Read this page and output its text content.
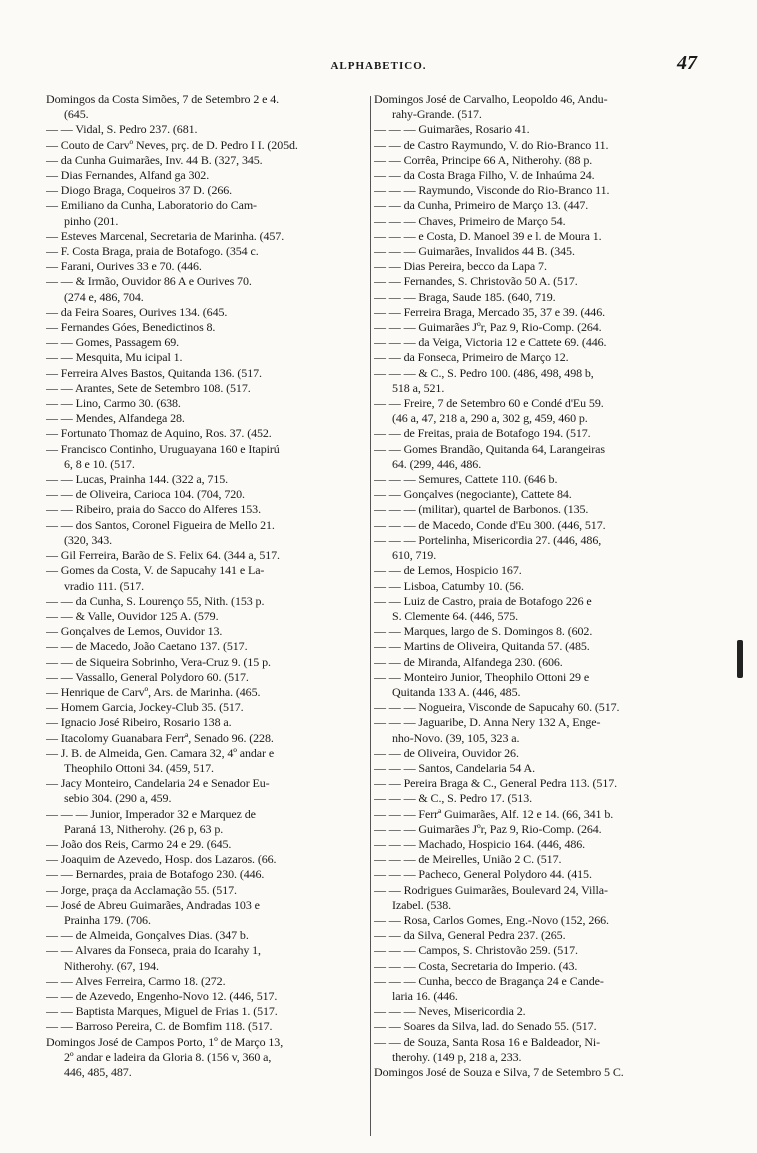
ALPHABETICO.	47
Domingos da Costa Simões, 7 de Setembro 2 e 4.
(645.
— — Vidal, S. Pedro 237. (681.
— Couto de Carvº Neves, prç. de D. Pedro I I. (205d.
— da Cunha Guimarães, Inv. 44 B. (327, 345.
— Dias Fernandes, Alfand ga 302.
— Diogo Braga, Coqueiros 37 D. (266.
— Emiliano da Cunha, Laboratorio do Cam-
pinho (201.
— Esteves Marcenal, Secretaria de Marinha. (457.
— F. Costa Braga, praia de Botafogo. (354 c.
— Farani, Ourives 33 e 70. (446.
— — & Irmão, Ouvidor 86 A e Ourives 70.
(274 e, 486, 704.
— da Feira Soares, Ourives 134. (645.
— Fernandes Góes, Benedictinos 8.
— — Gomes, Passagem 69.
— — Mesquita, Mu icipal 1.
— Ferreira Alves Bastos, Quitanda 136. (517.
— — Arantes, Sete de Setembro 108. (517.
— — Lino, Carmo 30. (638.
— — Mendes, Alfandega 28.
— Fortunato Thomaz de Aquino, Ros. 37. (452.
— Francisco Continho, Uruguayana 160 e Itapirú
6, 8 e 10. (517.
— — Lucas, Prainha 144. (322 a, 715.
— — de Oliveira, Carioca 104. (704, 720.
— — Ribeiro, praia do Sacco do Alferes 153.
— — dos Santos, Coronel Figueira de Mello 21.
(320, 343.
— Gil Ferreira, Barão de S. Felix 64. (344 a, 517.
— Gomes da Costa, V. de Sapucahy 141 e La-
vradio 111. (517.
— — da Cunha, S. Lourenço 55, Nith. (153 p.
— — & Valle, Ouvidor 125 A. (579.
— Gonçalves de Lemos, Ouvidor 13.
— — de Macedo, João Caetano 137. (517.
— — de Siqueira Sobrinho, Vera-Cruz 9. (15 p.
— — Vassallo, General Polydoro 60. (517.
— Henrique de Carvº, Ars. de Marinha. (465.
— Homem Garcia, Jockey-Club 35. (517.
— Ignacio José Ribeiro, Rosario 138 a.
— Itacolomy Guanabara Ferrª, Senado 96. (228.
— J. B. de Almeida, Gen. Camara 32, 4º andar e
Theophilo Ottoni 34. (459, 517.
— Jacy Monteiro, Candelaria 24 e Senador Eu-
sebio 304. (290 a, 459.
— — — Junior, Imperador 32 e Marquez de
Paraná 13, Nitherohy. (26 p, 63 p.
— João dos Reis, Carmo 24 e 29. (645.
— Joaquim de Azevedo, Hosp. dos Lazaros. (66.
— — Bernardes, praia de Botafogo 230. (446.
— Jorge, praça da Acclamação 55. (517.
— José de Abreu Guimarães, Andradas 103 e
Prainha 179. (706.
— — de Almeida, Gonçalves Dias. (347 b.
— — Alvares da Fonseca, praia do Icarahy 1,
Nitherohy. (67, 194.
— — Alves Ferreira, Carmo 18. (272.
— — de Azevedo, Engenho-Novo 12. (446, 517.
— — Baptista Marques, Miguel de Frias 1. (517.
— — Barroso Pereira, C. de Bomfim 118. (517.
Domingos José de Campos Porto, 1º de Março 13,
2º andar e ladeira da Gloria 8. (156 v, 360 a,
446, 485, 487.
Domingos José de Carvalho, Leopoldo 46, Andu-
rahy-Grande. (517.
— — — Guimarães, Rosario 41.
— — de Castro Raymundo, V. do Rio-Branco 11.
— — Corrêa, Principe 66 A, Nitherohy. (88 p.
— — da Costa Braga Filho, V. de Inhaúma 24.
— — — Raymundo, Visconde do Rio-Branco 11.
— — da Cunha, Primeiro de Março 13. (447.
— — — Chaves, Primeiro de Março 54.
— — — e Costa, D. Manoel 39 e l. de Moura 1.
— — — Guimarães, Invalidos 44 B. (345.
— — Dias Pereira, becco da Lapa 7.
— — Fernandes, S. Christovão 50 A. (517.
— — — Braga, Saude 185. (640, 719.
— — Ferreira Braga, Mercado 35, 37 e 39. (446.
— — — Guimarães Jºr, Paz 9, Rio-Comp. (264.
— — — da Veiga, Victoria 12 e Cattete 69. (446.
— — da Fonseca, Primeiro de Março 12.
— — — & C., S. Pedro 100. (486, 498, 498 b,
518 a, 521.
— — Freire, 7 de Setembro 60 e Condé d'Eu 59.
(46 a, 47, 218 a, 290 a, 302 g, 459, 460 p.
— — de Freitas, praia de Botafogo 194. (517.
— — Gomes Brandão, Quitanda 64, Larangeiras
64. (299, 446, 486.
— — — Semures, Cattete 110. (646 b.
— — Gonçalves (negociante), Cattete 84.
— — — (militar), quartel de Barbonos. (135.
— — — de Macedo, Conde d'Eu 300. (446, 517.
— — — Portelinha, Misericordia 27. (446, 486,
610, 719.
— — de Lemos, Hospicio 167.
— — Lisboa, Catumby 10. (56.
— — Luiz de Castro, praia de Botafogo 226 e
S. Clemente 64. (446, 575.
— — Marques, largo de S. Domingos 8. (602.
— — Martins de Oliveira, Quitanda 57. (485.
— — de Miranda, Alfandega 230. (606.
— — Monteiro Junior, Theophilo Ottoni 29 e
Quitanda 133 A. (446, 485.
— — — Nogueira, Visconde de Sapucahy 60. (517.
— — — Jaguaribe, D. Anna Nery 132 A, Enge-
nho-Novo. (39, 105, 323 a.
— — de Oliveira, Ouvidor 26.
— — — Santos, Candelaria 54 A.
— — Pereira Braga & C., General Pedra 113. (517.
— — — & C., S. Pedro 17. (513.
— — — Ferrª Guimarães, Alf. 12 e 14. (66, 341 b.
— — — Guimarães Jºr, Paz 9, Rio-Comp. (264.
— — — Machado, Hospicio 164. (446, 486.
— — — de Meirelles, União 2 C. (517.
— — — Pacheco, General Polydoro 44. (415.
— — Rodrigues Guimarães, Boulevard 24, Villa-
Izabel. (538.
— — Rosa, Carlos Gomes, Eng.-Novo (152, 266.
— — da Silva, General Pedra 237. (265.
— — — Campos, S. Christovão 259. (517.
— — — Costa, Secretaria do Imperio. (43.
— — — Cunha, becco de Bragança 24 e Cande-
laria 16. (446.
— — — Neves, Misericordia 2.
— — Soares da Silva, lad. do Senado 55. (517.
— — de Souza, Santa Rosa 16 e Baldeador, Ni-
therohy. (149 p, 218 a, 233.
Domingos José de Souza e Silva, 7 de Setembro 5 C.
